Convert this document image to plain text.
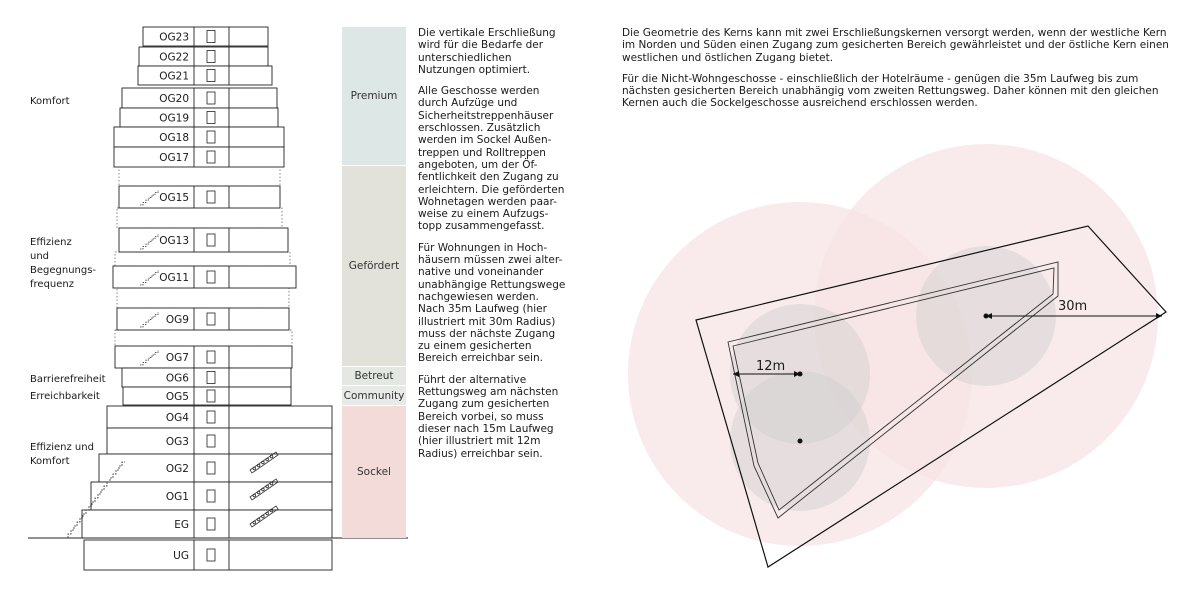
OG23
OG22
OG21
OG20
OG19
OG18
OG17
OG15
OG13
OG11
OG9
OG7
OG6
OG5
OG4
OG3
OG2
OG1
EG
UG
Komfort
Effizienz
und
Begegnungs-
frequenz
Barrierefreiheit
Erreichbarkeit
Effizienz und
Komfort
Premium
Gefördert
Betreut
Community
Sockel

Die vertikale Erschließung wird für die Bedarfe der unterschiedlichen Nutzungen optimiert.

Alle Geschosse werden durch Aufzüge und Sicherheitstreppenhäuser erschlossen. Zusätzlich werden im Sockel Außen-treppen und Rolltreppen angeboten, um der Öf-fentlichkeit den Zugang zu erleichtern. Die geförderten Wohnetagen werden paar-weise zu einem Aufzugs-topp zusammengefasst.

Für Wohnungen in Hoch-häusern müssen zwei alter-native und voneinander unabhängige Rettungswege nachgewiesen werden. Nach 35m Laufweg (hier illustriert mit 30m Radius) muss der nächste Zugang zu einem gesicherten Bereich erreichbar sein.

Führt der alternative Rettungsweg am nächsten Zugang zum gesicherten Bereich vorbei, so muss dieser nach 15m Laufweg (hier illustriert mit 12m Radius) erreichbar sein.

Die Geometrie des Kerns kann mit zwei Erschließungskernen versorgt werden, wenn der westliche Kern im Norden und Süden einen Zugang zum gesicherten Bereich gewährleistet und der östliche Kern einen westlichen und östlichen Zugang bietet.

Für die Nicht-Wohngeschosse - einschließlich der Hotelräume - genügen die 35m Laufweg bis zum nächsten gesicherten Bereich unabhängig vom zweiten Rettungsweg. Daher können mit den gleichen Kernen auch die Sockelgeschosse ausreichend erschlossen werden.

12m
30m
